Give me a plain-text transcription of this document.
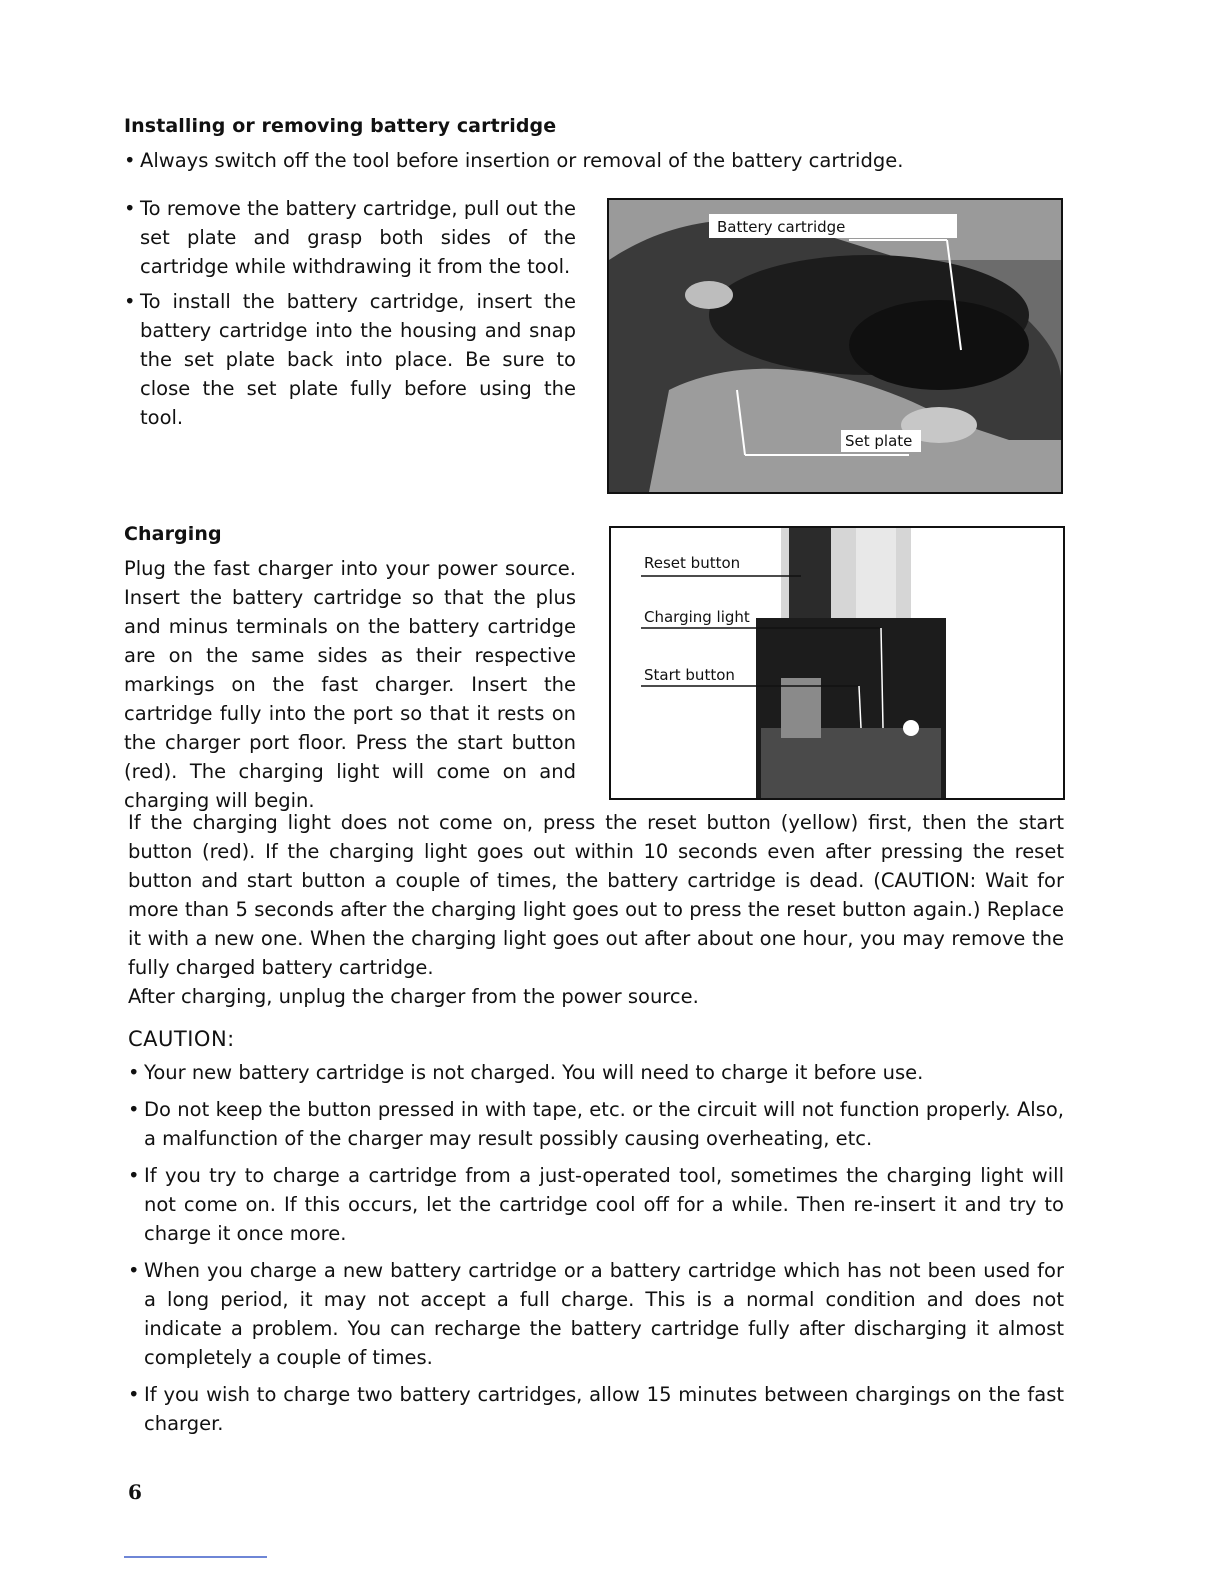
Installing or removing battery cartridge
• Always switch off the tool before insertion or removal of the battery cartridge.
• To remove the battery cartridge, pull out the set plate and grasp both sides of the cartridge while withdrawing it from the tool.
• To install the battery cartridge, insert the battery cartridge into the housing and snap the set plate back into place. Be sure to close the set plate fully before using the tool.
Battery cartridge
Set plate
Charging
Plug the fast charger into your power source. Insert the battery cartridge so that the plus and minus terminals on the battery cartridge are on the same sides as their respective markings on the fast charger. Insert the cartridge fully into the port so that it rests on the charger port floor. Press the start button (red). The charging light will come on and charging will begin.
Reset button
Charging light
Start button
If the charging light does not come on, press the reset button (yellow) first, then the start button (red). If the charging light goes out within 10 seconds even after pressing the reset button and start button a couple of times, the battery cartridge is dead. (CAUTION: Wait for more than 5 seconds after the charging light goes out to press the reset button again.) Replace it with a new one. When the charging light goes out after about one hour, you may remove the fully charged battery cartridge.
After charging, unplug the charger from the power source.
CAUTION:

• Your new battery cartridge is not charged. You will need to charge it before use.

• Do not keep the button pressed in with tape, etc. or the circuit will not function properly. Also, a malfunction of the charger may result possibly causing overheating, etc.

• If you try to charge a cartridge from a just-operated tool, sometimes the charging light will not come on. If this occurs, let the cartridge cool off for a while. Then re-insert it and try to charge it once more.

• When you charge a new battery cartridge or a battery cartridge which has not been used for a long period, it may not accept a full charge. This is a normal condition and does not indicate a problem. You can recharge the battery cartridge fully after discharging it almost completely a couple of times.

• If you wish to charge two battery cartridges, allow 15 minutes between chargings on the fast charger.

6
